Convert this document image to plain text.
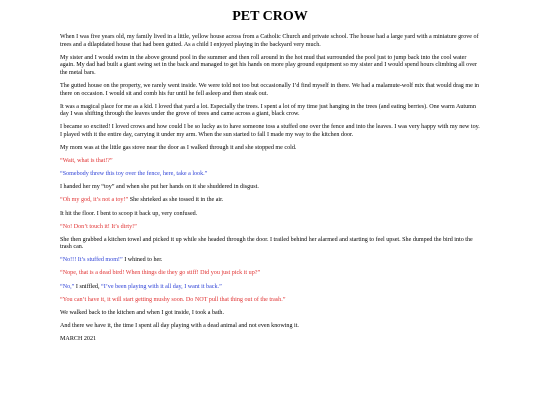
PET CROW

When I was five years old, my family lived in a little, yellow house across from a Catholic Church and private school. The house had a large yard with a miniature grove of trees and a dilapidated house that had been gutted. As a child I enjoyed playing in the backyard very much.

My sister and I would swim in the above ground pool in the summer and then roll around in the hot mud that surrounded the pool just to jump back into the cool water again. My dad had built a giant swing set in the back and managed to get his hands on more play ground equipment so my sister and I would spend hours climbing all over the metal bars.

The gutted house on the property, we rarely went inside. We were told not too but occasionally I’d find myself in there. We had a malamute-wolf mix that would drag me in there on occasion. I would sit and comb his fur until he fell asleep and then steak out.

It was a magical place for me as a kid. I loved that yard a lot. Especially the trees. I spent a lot of my time just hanging in the trees (and eating berries). One warm Autumn day I was shifting through the leaves under the grove of trees and came across a giant, black crow.

I became so excited! I loved crows and how could I be so lucky as to have someone toss a stuffed one over the fence and into the leaves. I was very happy with my new toy. I played with it the entire day, carrying it under my arm. When the sun started to fall I made my way to the kitchen door.

My mom was at the little gas stove near the door as I walked through it and she stopped me cold.

“Wait, what is that!?”

“Somebody threw this toy over the fence, here, take a look.”

I handed her my “toy” and when she put her hands on it she shuddered in disgust.

“Oh my god, it’s not a toy!” She shrieked as she tossed it in the air.

It hit the floor. I bent to scoop it back up, very confused.

“No! Don’t touch it! It’s dirty!”

She then grabbed a kitchen towel and picked it up while she headed through the door. I trailed behind her alarmed and starting to feel upset. She dumped the bird into the trash can.

“No!!! It’s stuffed mom!” I whined to her.

“Nope, that is a dead bird! When things die they go stiff! Did you just pick it up?”

“No,” I sniffled, “I’ve been playing with it all day, I want it back.”

“You can’t have it, it will start getting mushy soon. Do NOT pull that thing out of the trash.”

We walked back to the kitchen and when I got inside, I took a bath.

And there we have it, the time I spent all day playing with a dead animal and not even knowing it.

MARCH 2021
